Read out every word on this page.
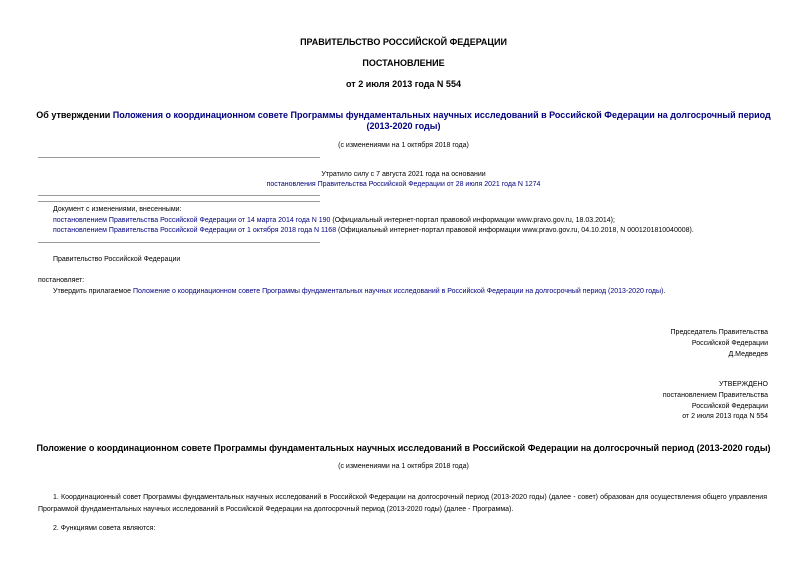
ПРАВИТЕЛЬСТВО РОССИЙСКОЙ ФЕДЕРАЦИИ
ПОСТАНОВЛЕНИЕ
от 2 июля 2013 года N 554
Об утверждении Положения о координационном совете Программы фундаментальных научных исследований в Российской Федерации на долгосрочный период
(2013-2020 годы)
(с изменениями на 1 октября 2018 года)
Утратило силу с 7 августа 2021 года на основании
постановления Правительства Российской Федерации от 28 июля 2021 года N 1274
Документ с изменениями, внесенными:
постановлением Правительства Российской Федерации от 14 марта 2014 года N 190 (Официальный интернет-портал правовой информации www.pravo.gov.ru, 18.03.2014);
постановлением Правительства Российской Федерации от 1 октября 2018 года N 1168 (Официальный интернет-портал правовой информации www.pravo.gov.ru, 04.10.2018, N 0001201810040008).
Правительство Российской Федерации
постановляет:
Утвердить прилагаемое Положение о координационном совете Программы фундаментальных научных исследований в Российской Федерации на долгосрочный период (2013-2020 годы).
Председатель Правительства
Российской Федерации
Д.Медведев
УТВЕРЖДЕНО
постановлением Правительства
Российской Федерации
от 2 июля 2013 года N 554
Положение о координационном совете Программы фундаментальных научных исследований в Российской Федерации на долгосрочный период (2013-2020 годы)
(с изменениями на 1 октября 2018 года)
1. Координационный совет Программы фундаментальных научных исследований в Российской Федерации на долгосрочный период (2013-2020 годы) (далее - совет) образован для осуществления общего управления Программой фундаментальных научных исследований в Российской Федерации на долгосрочный период (2013-2020 годы) (далее - Программа).
2. Функциями совета являются:
